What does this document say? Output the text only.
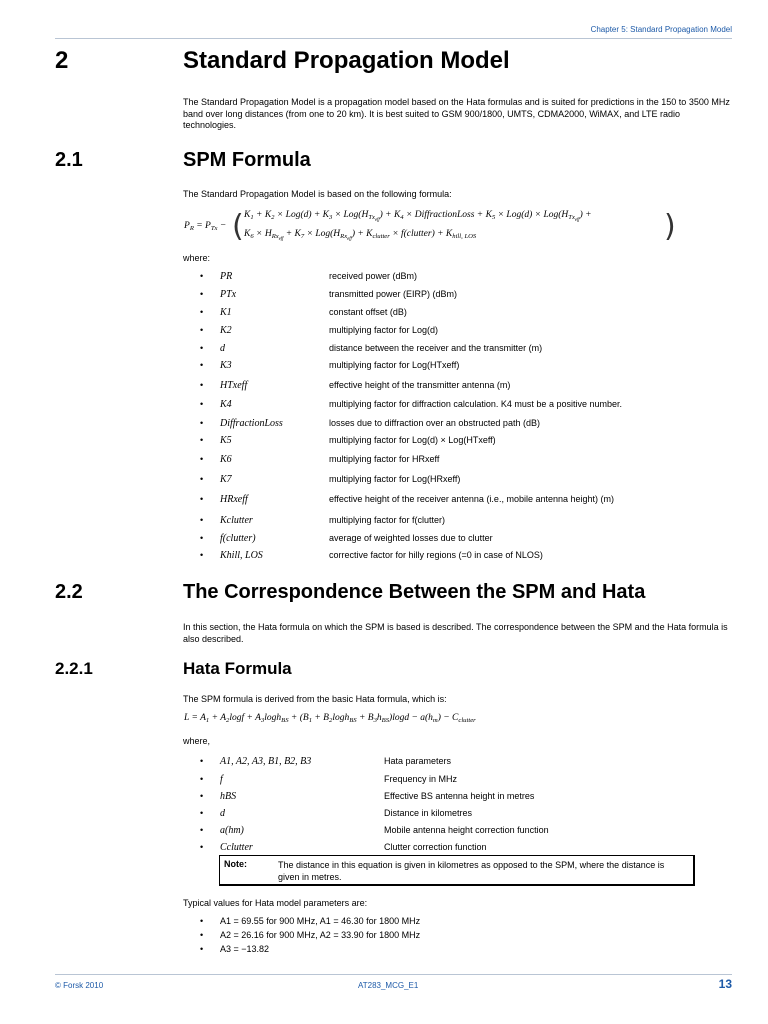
Chapter 5: Standard Propagation Model
2	Standard Propagation Model
The Standard Propagation Model is a propagation model based on the Hata formulas and is suited for predictions in the 150 to 3500 MHz band over long distances (from one to 20 km). It is best suited to GSM 900/1800, UMTS, CDMA2000, WiMAX, and LTE radio technologies.
2.1	SPM Formula
The Standard Propagation Model is based on the following formula:
$P_R = P_{Tx}$ − ( $K_1 + K_2 \times Log(d) + K_3 \times Log(H_{Tx_{eff}}) + K_4$ × DiffractionLoss + $K_5 \times Log(d) \times Log(H_{Tx_{eff}})$ +
$K_6 \times H_{Rx_{eff}} + K_7 \times Log(H_{Rx_{eff}}) + K_{clutter}$ × f(clutter) + $K_{hill, LOS}$	)
where:
• PR	received power (dBm)
• PTx	transmitted power (EIRP) (dBm)
• K1	constant offset (dB)
• K2	multiplying factor for Log(d)
• d	distance between the receiver and the transmitter (m)
• K3	multiplying factor for Log(HTxeff)
• HTxeff	effective height of the transmitter antenna (m)
• K4	multiplying factor for diffraction calculation. K4 must be a positive number.
• DiffractionLoss	losses due to diffraction over an obstructed path (dB)
• K5	multiplying factor for Log(d) × Log(HTxeff)
• K6	multiplying factor for HRxeff
• K7	multiplying factor for Log(HRxeff)
• HRxeff	effective height of the receiver antenna (i.e., mobile antenna height) (m)
• Kclutter	multiplying factor for f(clutter)
• f(clutter)	average of weighted losses due to clutter
• Khill, LOS	corrective factor for hilly regions (=0 in case of NLOS)
2.2	The Correspondence Between the SPM and Hata
In this section, the Hata formula on which the SPM is based is described. The correspondence between the SPM and the Hata formula is also described.
2.2.1	Hata Formula
The SPM formula is derived from the basic Hata formula, which is:
$L = A_1 + A_2\log f + A_3\log h_{BS} + (B_1 + B_2\log h_{BS} + B_3h_{BS})\log d - a(h_m) - C_{clutter}$
where,
• A1, A2, A3, B1, B2, B3	Hata parameters
• f	Frequency in MHz
• hBS	Effective BS antenna height in metres
• d	Distance in kilometres
• a(hm)	Mobile antenna height correction function
• Cclutter	Clutter correction function
Note:	The distance in this equation is given in kilometres as opposed to the SPM, where the distance is given in metres.
Typical values for Hata model parameters are:
• A1 = 69.55 for 900 MHz, A1 = 46.30 for 1800 MHz
• A2 = 26.16 for 900 MHz, A2 = 33.90 for 1800 MHz
• A3 = −13.82
© Forsk 2010	AT283_MCG_E1	13
